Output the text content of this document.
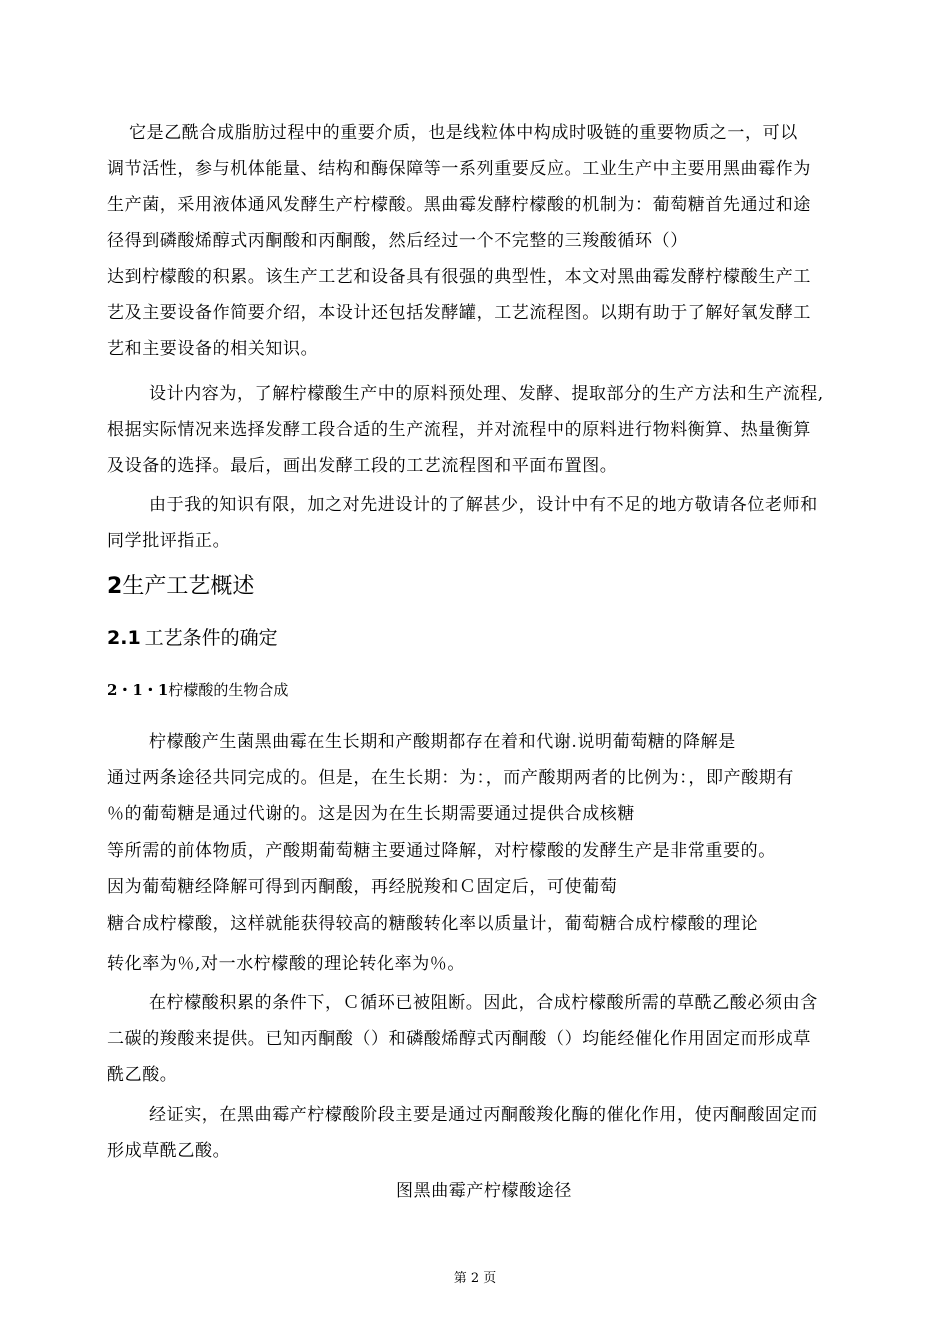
它是乙酰合成脂肪过程中的重要介质，也是线粒体中构成时吸链的重要物质之一，可以
调节活性，参与机体能量、结构和酶保障等一系列重要反应。工业生产中主要用黑曲霉作为
生产菌，采用液体通风发酵生产柠檬酸。黑曲霉发酵柠檬酸的机制为：葡萄糖首先通过和途
径得到磷酸烯醇式丙酮酸和丙酮酸，然后经过一个不完整的三羧酸循环（）
达到柠檬酸的积累。该生产工艺和设备具有很强的典型性，本文对黑曲霉发酵柠檬酸生产工
艺及主要设备作简要介绍，本设计还包括发酵罐，工艺流程图。以期有助于了解好氧发酵工
艺和主要设备的相关知识。
设计内容为，了解柠檬酸生产中的原料预处理、发酵、提取部分的生产方法和生产流程,
根据实际情况来选择发酵工段合适的生产流程，并对流程中的原料进行物料衡算、热量衡算
及设备的选择。最后，画出发酵工段的工艺流程图和平面布置图。
由于我的知识有限，加之对先进设计的了解甚少，设计中有不足的地方敬请各位老师和
同学批评指正。
2生产工艺概述
2.1 工艺条件的确定
2・1・1柠檬酸的生物合成
柠檬酸产生菌黑曲霉在生长期和产酸期都存在着和代谢.说明葡萄糖的降解是
通过两条途径共同完成的。但是，在生长期：为：，而产酸期两者的比例为：，即产酸期有
％的葡萄糖是通过代谢的。这是因为在生长期需要通过提供合成核糖
等所需的前体物质，产酸期葡萄糖主要通过降解，对柠檬酸的发酵生产是非常重要的。
因为葡萄糖经降解可得到丙酮酸，再经脱羧和Ｃ固定后，可使葡萄
糖合成柠檬酸，这样就能获得较高的糖酸转化率以质量计，葡萄糖合成柠檬酸的理论
转化率为％,对一水柠檬酸的理论转化率为％。
在柠檬酸积累的条件下，Ｃ循环已被阻断。因此，合成柠檬酸所需的草酰乙酸必须由含
二碳的羧酸来提供。已知丙酮酸（）和磷酸烯醇式丙酮酸（）均能经催化作用固定而形成草
酰乙酸。
经证实，在黑曲霉产柠檬酸阶段主要是通过丙酮酸羧化酶的催化作用，使丙酮酸固定而
形成草酰乙酸。
图黑曲霉产柠檬酸途径
第 2 页
